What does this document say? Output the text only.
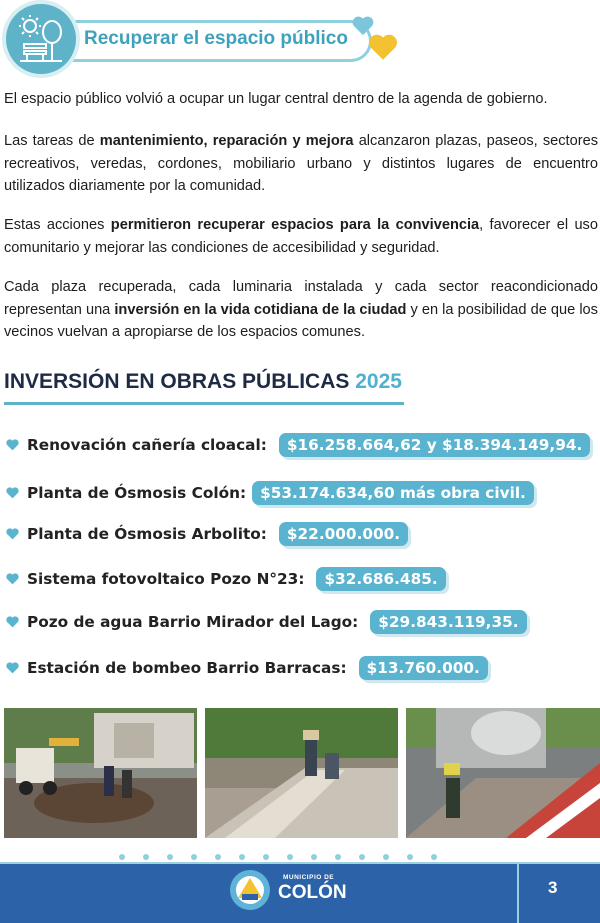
Recuperar el espacio público

El espacio público volvió a ocupar un lugar central dentro de la agenda de gobierno.

Las tareas de mantenimiento, reparación y mejora alcanzaron plazas, paseos, sectores recreativos, veredas, cordones, mobiliario urbano y distintos lugares de encuentro utilizados diariamente por la comunidad.

Estas acciones permitieron recuperar espacios para la convivencia, favorecer el uso comunitario y mejorar las condiciones de accesibilidad y seguridad.

Cada plaza recuperada, cada luminaria instalada y cada sector reacondicionado representan una inversión en la vida cotidiana de la ciudad y en la posibilidad de que los vecinos vuelvan a apropiarse de los espacios comunes.

INVERSIÓN EN OBRAS PÚBLICAS 2025
Renovación cañería cloacal:	$16.258.664,62 y $18.394.149,94.
Planta de Ósmosis Colón: $53.174.634,60 más obra civil.
Planta de Ósmosis Arbolito:	$22.000.000.
Sistema fotovoltaico Pozo N°23:	$32.686.485.
Pozo de agua Barrio Mirador del Lago:	$29.843.119,35.
Estación de bombeo Barrio Barracas:	$13.760.000.
MUNICIPIO DE
COLÓN	3
